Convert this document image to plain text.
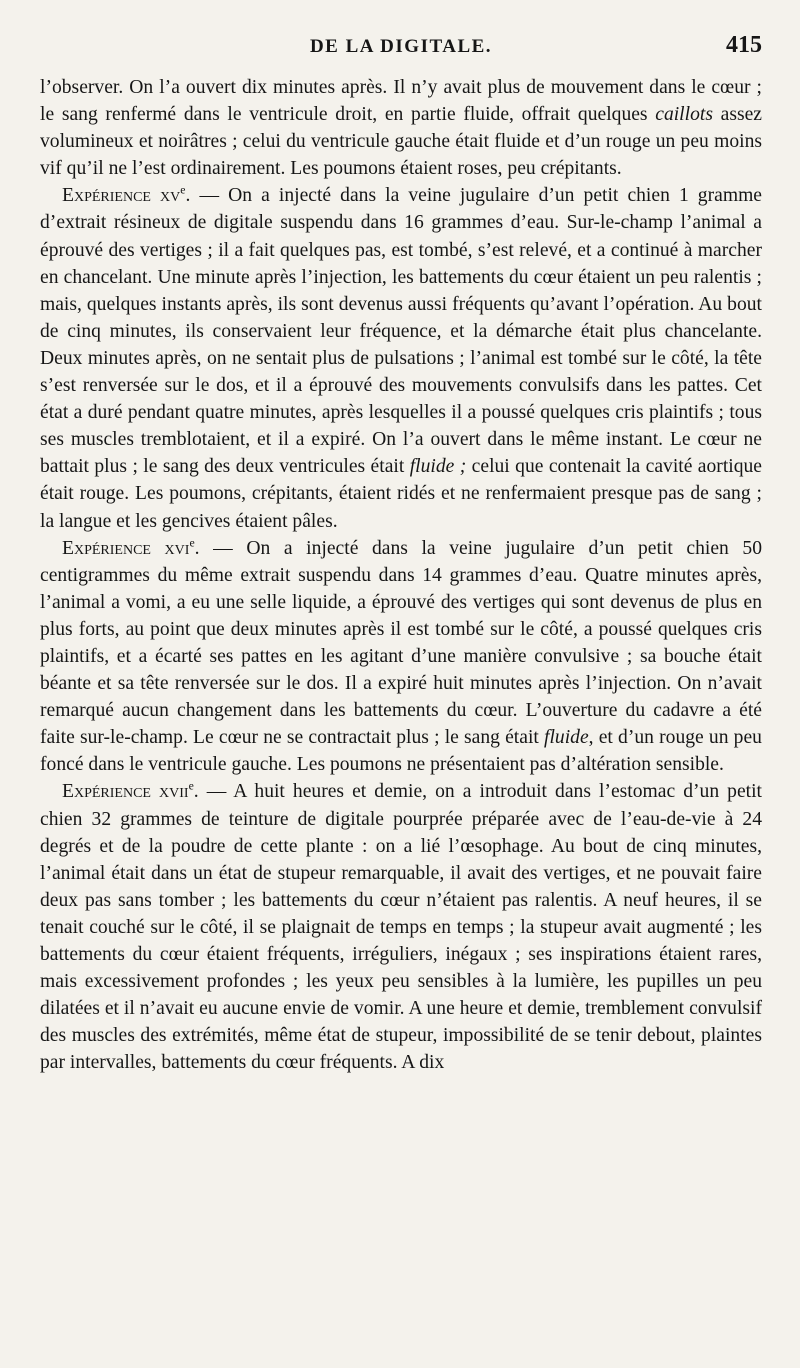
DE LA DIGITALE.	415

l’observer. On l’a ouvert dix minutes après. Il n’y avait plus de mouvement dans le cœur ; le sang renfermé dans le ventricule droit, en partie fluide, offrait quelques caillots assez volumineux et noirâtres ; celui du ventricule gauche était fluide et d’un rouge un peu moins vif qu’il ne l’est ordinairement. Les poumons étaient roses, peu crépitants.

Expérience $xv^e$. — On a injecté dans la veine jugulaire d’un petit chien 1 gramme d’extrait résineux de digitale suspendu dans 16 grammes d’eau. Sur-le-champ l’animal a éprouvé des vertiges ; il a fait quelques pas, est tombé, s’est relevé, et a continué à marcher en chancelant. Une minute après l’injection, les battements du cœur étaient un peu ralentis ; mais, quelques instants après, ils sont devenus aussi fréquents qu’avant l’opération. Au bout de cinq minutes, ils conservaient leur fréquence, et la démarche était plus chancelante. Deux minutes après, on ne sentait plus de pulsations ; l’animal est tombé sur le côté, la tête s’est renversée sur le dos, et il a éprouvé des mouvements convulsifs dans les pattes. Cet état a duré pendant quatre minutes, après lesquelles il a poussé quelques cris plaintifs ; tous ses muscles tremblotaient, et il a expiré. On l’a ouvert dans le même instant. Le cœur ne battait plus ; le sang des deux ventricules était fluide ; celui que contenait la cavité aortique était rouge. Les poumons, crépitants, étaient ridés et ne renfermaient presque pas de sang ; la langue et les gencives étaient pâles.

Expérience xvi$^e$. — On a injecté dans la veine jugulaire d’un petit chien 50 centigrammes du même extrait suspendu dans 14 grammes d’eau. Quatre minutes après, l’animal a vomi, a eu une selle liquide, a éprouvé des vertiges qui sont devenus de plus en plus forts, au point que deux minutes après il est tombé sur le côté, a poussé quelques cris plaintifs, et a écarté ses pattes en les agitant d’une manière convulsive ; sa bouche était béante et sa tête renversée sur le dos. Il a expiré huit minutes après l’injection. On n’avait remarqué aucun changement dans les battements du cœur. L’ouverture du cadavre a été faite sur-le-champ. Le cœur ne se contractait plus ; le sang était fluide, et d’un rouge un peu foncé dans le ventricule gauche. Les poumons ne présentaient pas d’altération sensible.

Expérience xvii$^e$. — A huit heures et demie, on a introduit dans l’estomac d’un petit chien 32 grammes de teinture de digitale pourprée préparée avec de l’eau-de-vie à 24 degrés et de la poudre de cette plante : on a lié l’œsophage. Au bout de cinq minutes, l’animal était dans un état de stupeur remarquable, il avait des vertiges, et ne pouvait faire deux pas sans tomber ; les battements du cœur n’étaient pas ralentis. A neuf heures, il se tenait couché sur le côté, il se plaignait de temps en temps ; la stupeur avait augmenté ; les battements du cœur étaient fréquents, irréguliers, inégaux ; ses inspirations étaient rares, mais excessivement profondes ; les yeux peu sensibles à la lumière, les pupilles un peu dilatées et il n’avait eu aucune envie de vomir. A une heure et demie, tremblement convulsif des muscles des extrémités, même état de stupeur, impossibilité de se tenir debout, plaintes par intervalles, battements du cœur fréquents. A dix
